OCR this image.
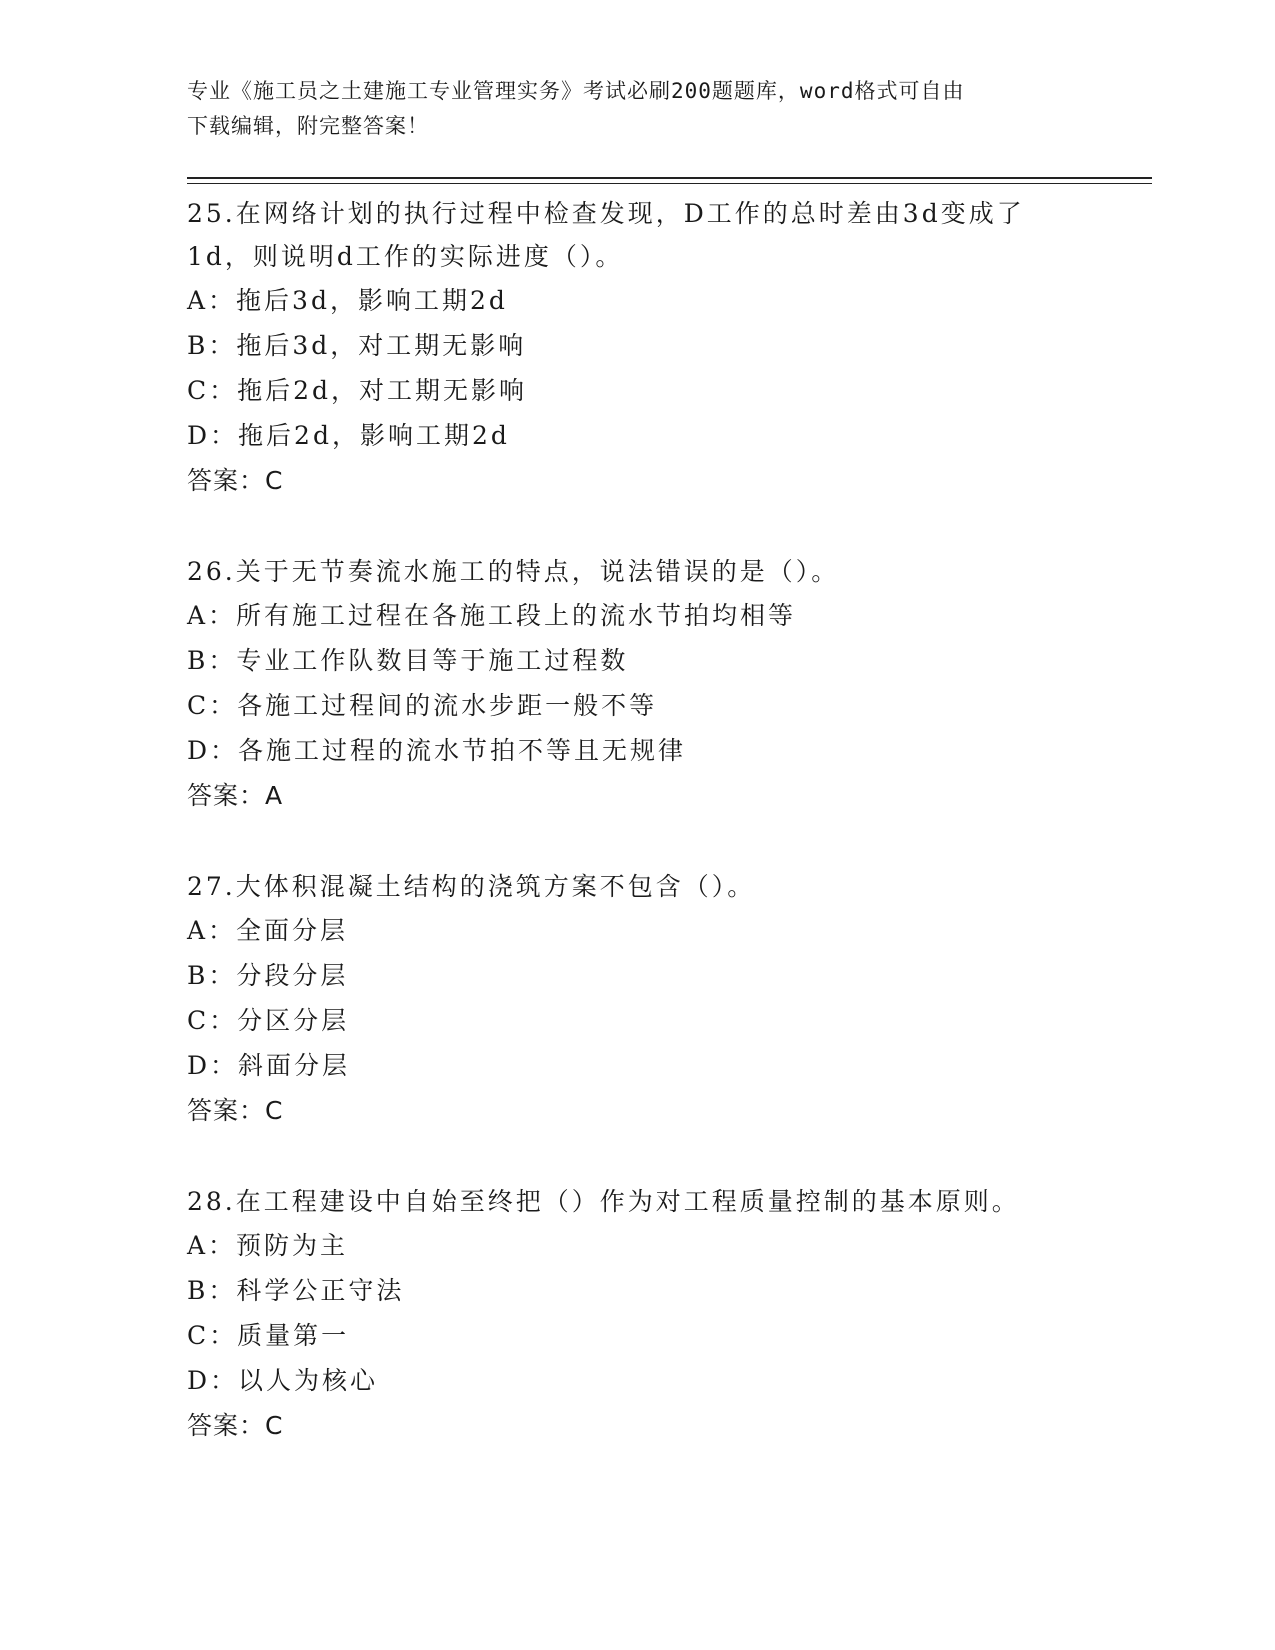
专业《施工员之土建施工专业管理实务》考试必刷200题题库，word格式可自由
下载编辑，附完整答案！
25.在网络计划的执行过程中检查发现，D工作的总时差由3d变成了
1d，则说明d工作的实际进度（）。
A：拖后3d，影响工期2d
B：拖后3d，对工期无影响
C：拖后2d，对工期无影响
D：拖后2d，影响工期2d
答案：C
26.关于无节奏流水施工的特点，说法错误的是（）。
A：所有施工过程在各施工段上的流水节拍均相等
B：专业工作队数目等于施工过程数
C：各施工过程间的流水步距一般不等
D：各施工过程的流水节拍不等且无规律
答案：A
27.大体积混凝土结构的浇筑方案不包含（）。
A：全面分层
B：分段分层
C：分区分层
D：斜面分层
答案：C
28.在工程建设中自始至终把（）作为对工程质量控制的基本原则。
A：预防为主
B：科学公正守法
C：质量第一
D：以人为核心
答案：C
